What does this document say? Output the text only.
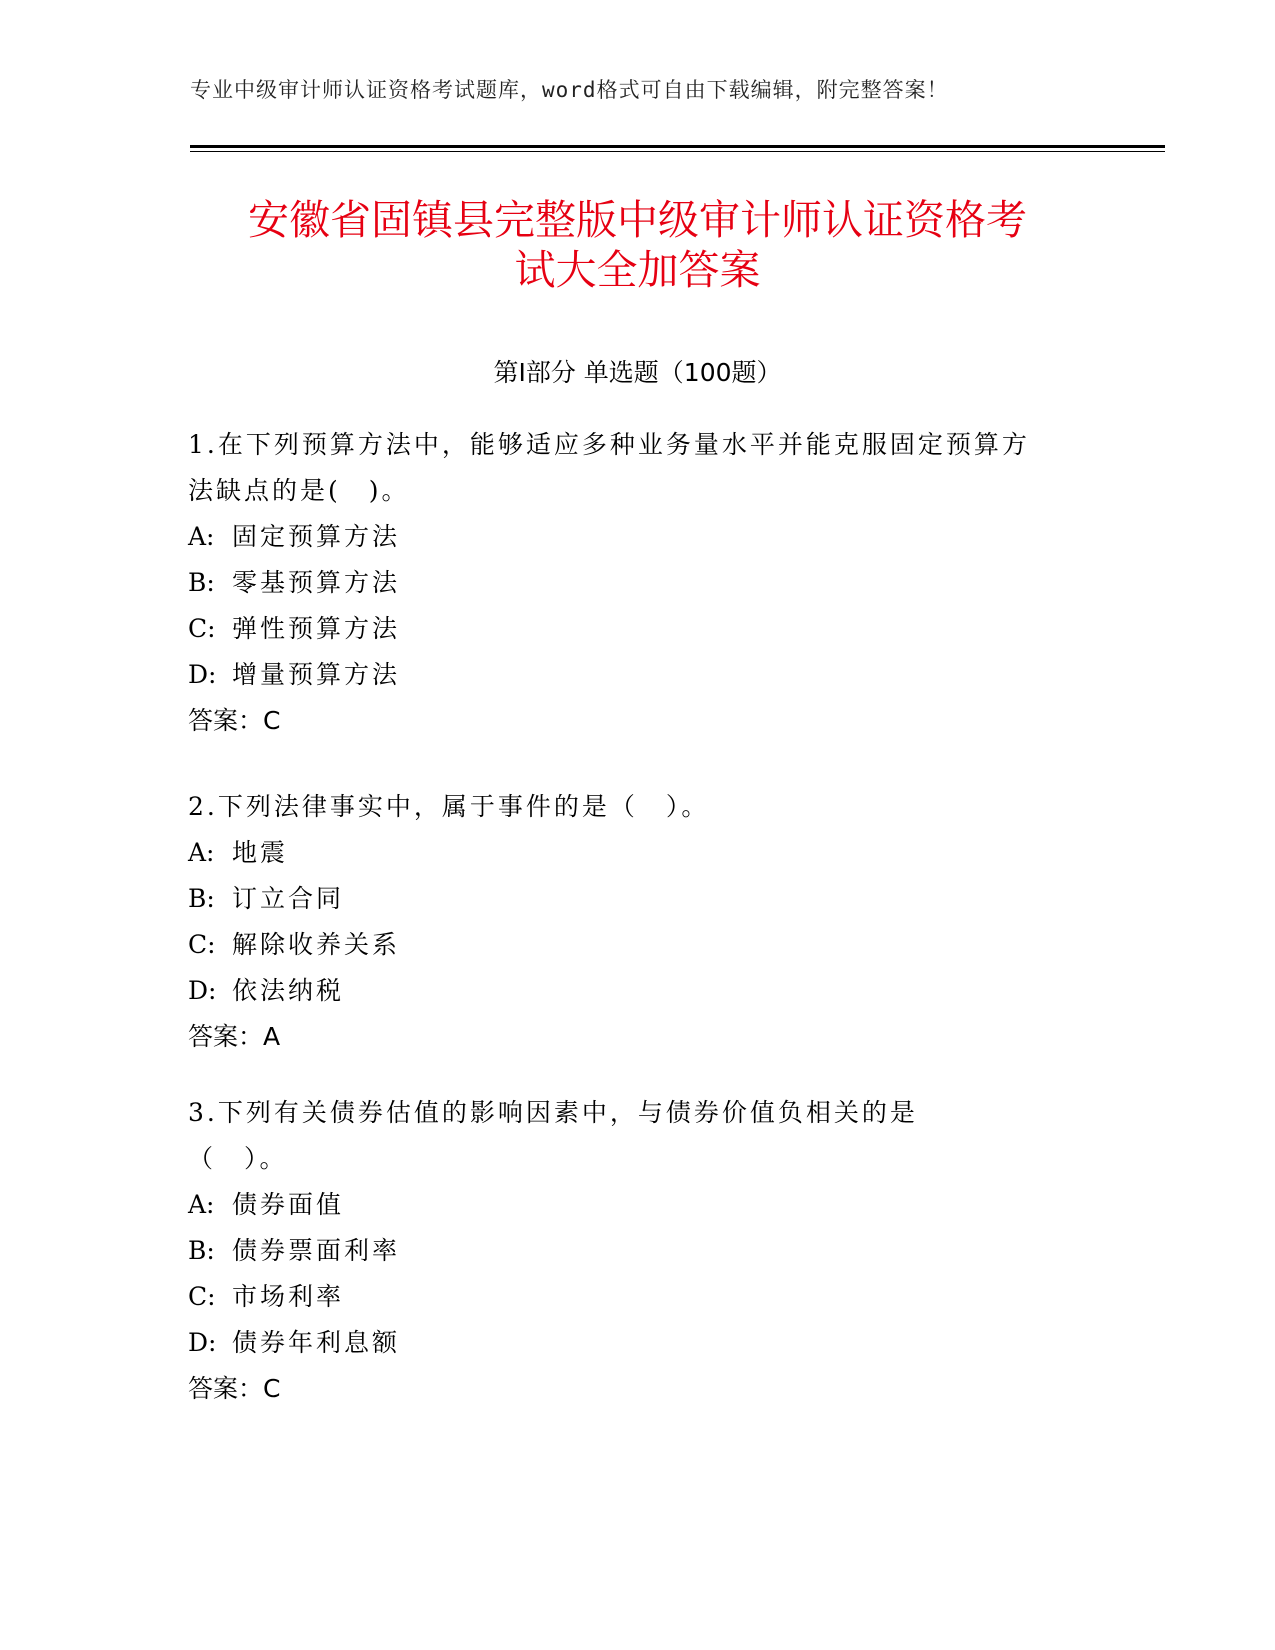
专业中级审计师认证资格考试题库，word格式可自由下载编辑，附完整答案！
安徽省固镇县完整版中级审计师认证资格考
试大全加答案
第Ⅰ部分 单选题（100题）
1.在下列预算方法中，能够适应多种业务量水平并能克服固定预算方法缺点的是(　)。
A: 固定预算方法
B: 零基预算方法
C: 弹性预算方法
D: 增量预算方法
答案：C
2.下列法律事实中，属于事件的是（　）。
A: 地震
B: 订立合同
C: 解除收养关系
D: 依法纳税
答案：A
3.下列有关债券估值的影响因素中，与债券价值负相关的是（　）。
A: 债券面值
B: 债券票面利率
C: 市场利率
D: 债券年利息额
答案：C
